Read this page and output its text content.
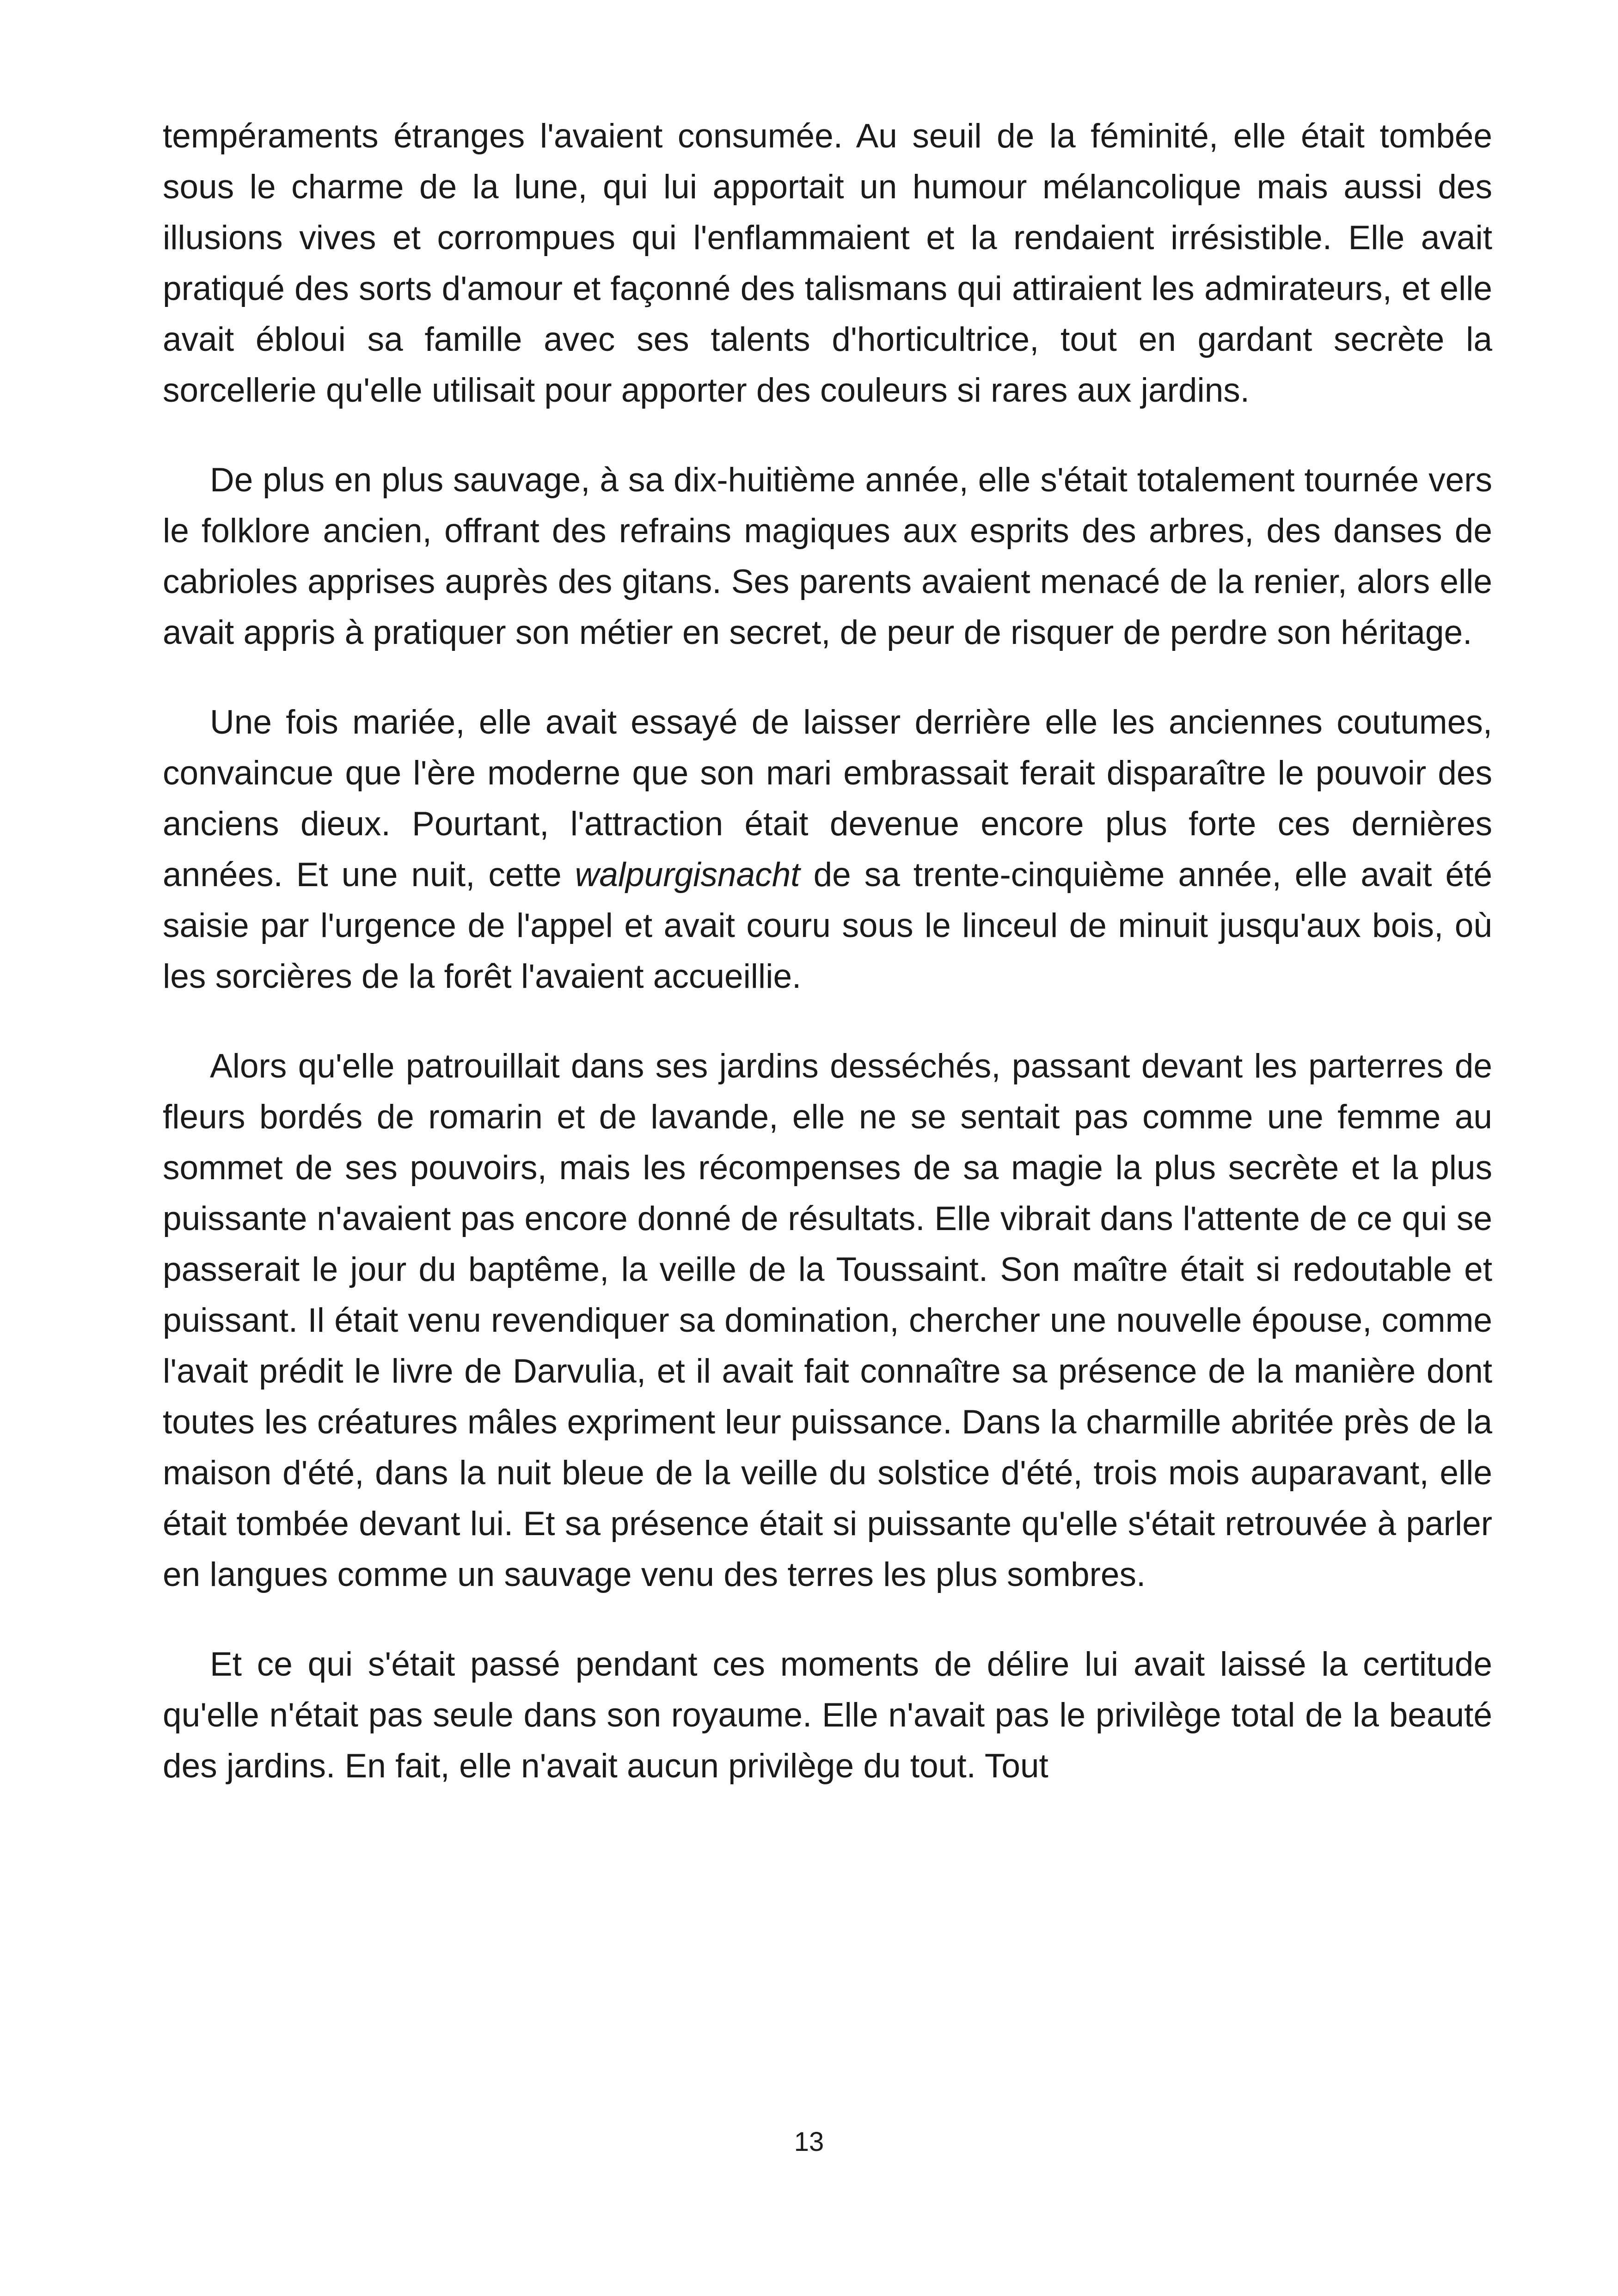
tempéraments étranges l'avaient consumée. Au seuil de la féminité, elle était tombée sous le charme de la lune, qui lui apportait un humour mélancolique mais aussi des illusions vives et corrompues qui l'enflammaient et la rendaient irrésistible. Elle avait pratiqué des sorts d'amour et façonné des talismans qui attiraient les admirateurs, et elle avait ébloui sa famille avec ses talents d'horticultrice, tout en gardant secrète la sorcellerie qu'elle utilisait pour apporter des couleurs si rares aux jardins.

De plus en plus sauvage, à sa dix-huitième année, elle s'était totalement tournée vers le folklore ancien, offrant des refrains magiques aux esprits des arbres, des danses de cabrioles apprises auprès des gitans. Ses parents avaient menacé de la renier, alors elle avait appris à pratiquer son métier en secret, de peur de risquer de perdre son héritage.

Une fois mariée, elle avait essayé de laisser derrière elle les anciennes coutumes, convaincue que l'ère moderne que son mari embrassait ferait disparaître le pouvoir des anciens dieux. Pourtant, l'attraction était devenue encore plus forte ces dernières années. Et une nuit, cette walpurgisnacht de sa trente-cinquième année, elle avait été saisie par l'urgence de l'appel et avait couru sous le linceul de minuit jusqu'aux bois, où les sorcières de la forêt l'avaient accueillie.

Alors qu'elle patrouillait dans ses jardins desséchés, passant devant les parterres de fleurs bordés de romarin et de lavande, elle ne se sentait pas comme une femme au sommet de ses pouvoirs, mais les récompenses de sa magie la plus secrète et la plus puissante n'avaient pas encore donné de résultats. Elle vibrait dans l'attente de ce qui se passerait le jour du baptême, la veille de la Toussaint. Son maître était si redoutable et puissant. Il était venu revendiquer sa domination, chercher une nouvelle épouse, comme l'avait prédit le livre de Darvulia, et il avait fait connaître sa présence de la manière dont toutes les créatures mâles expriment leur puissance. Dans la charmille abritée près de la maison d'été, dans la nuit bleue de la veille du solstice d'été, trois mois auparavant, elle était tombée devant lui. Et sa présence était si puissante qu'elle s'était retrouvée à parler en langues comme un sauvage venu des terres les plus sombres.

Et ce qui s'était passé pendant ces moments de délire lui avait laissé la certitude qu'elle n'était pas seule dans son royaume. Elle n'avait pas le privilège total de la beauté des jardins. En fait, elle n'avait aucun privilège du tout. Tout

13
